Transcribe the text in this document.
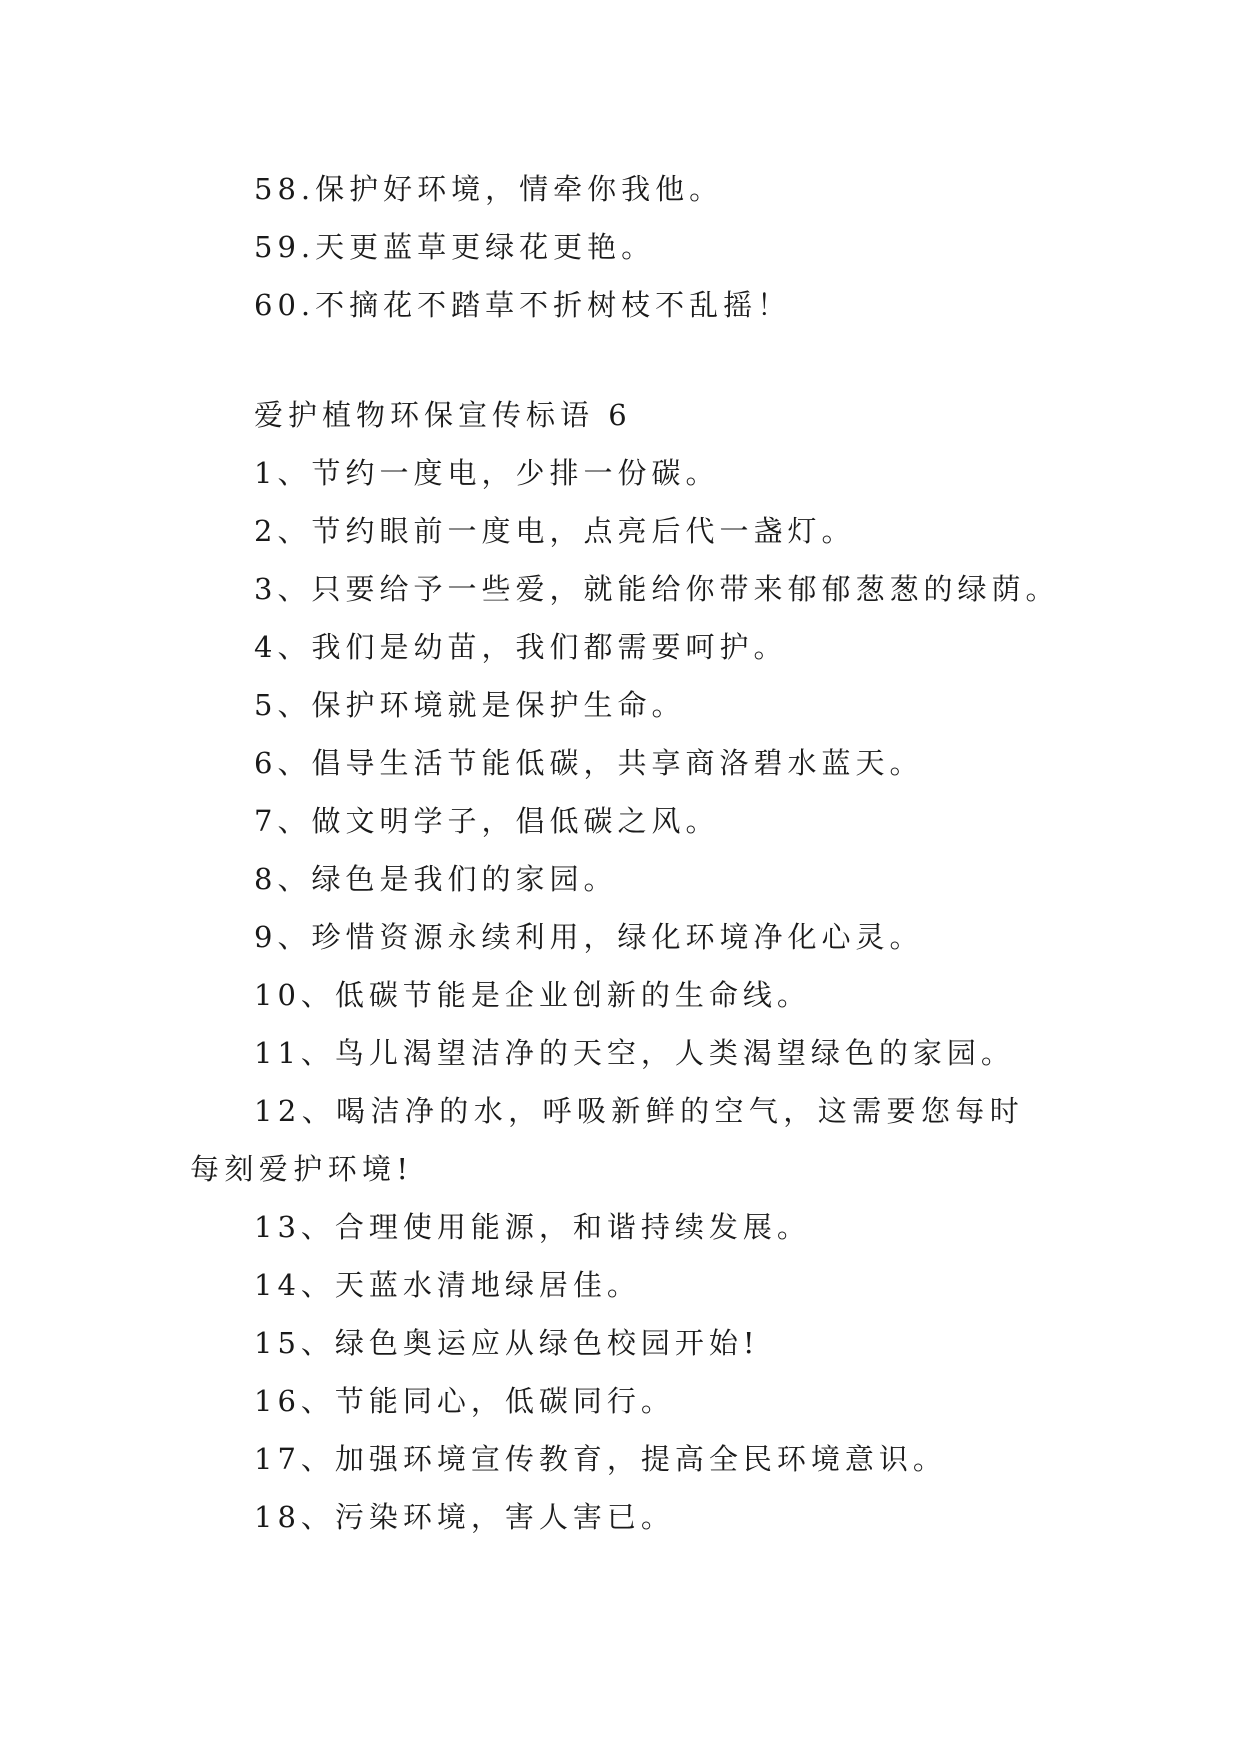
58.保护好环境，情牵你我他。
59.天更蓝草更绿花更艳。
60.不摘花不踏草不折树枝不乱摇！
爱护植物环保宣传标语 6
1、节约一度电，少排一份碳。
2、节约眼前一度电，点亮后代一盏灯。
3、只要给予一些爱，就能给你带来郁郁葱葱的绿荫。
4、我们是幼苗，我们都需要呵护。
5、保护环境就是保护生命。
6、倡导生活节能低碳，共享商洛碧水蓝天。
7、做文明学子，倡低碳之风。
8、绿色是我们的家园。
9、珍惜资源永续利用，绿化环境净化心灵。
10、低碳节能是企业创新的生命线。
11、鸟儿渴望洁净的天空，人类渴望绿色的家园。
12、喝洁净的水，呼吸新鲜的空气，这需要您每时每刻爱护环境!
13、合理使用能源，和谐持续发展。
14、天蓝水清地绿居佳。
15、绿色奥运应从绿色校园开始!
16、节能同心，低碳同行。
17、加强环境宣传教育，提高全民环境意识。
18、污染环境，害人害已。
